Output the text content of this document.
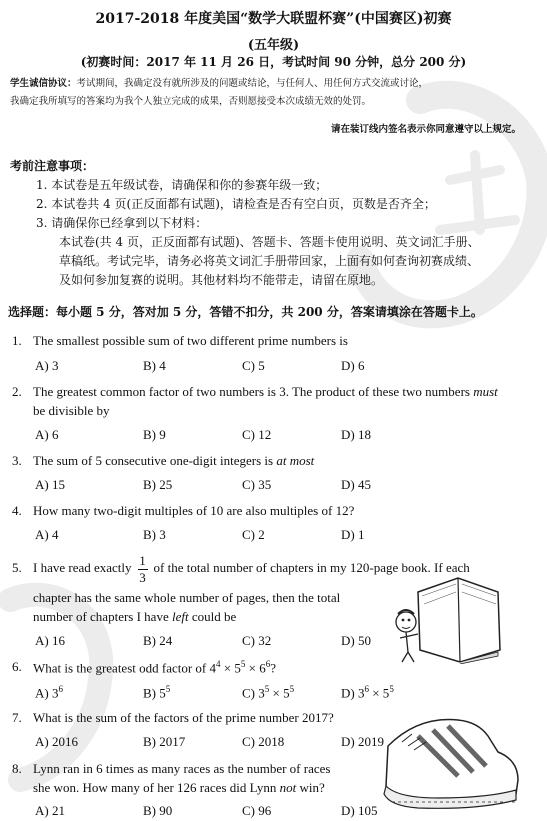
2017-2018 年度美国“数学大联盟杯赛”(中国赛区)初赛
(五年级)
(初赛时间：2017 年 11 月 26 日，考试时间 90 分钟，总分 200 分)
学生诚信协议：考试期间，我确定没有就所涉及的问题或结论，与任何人、用任何方式交流或讨论，
我确定我所填写的答案均为我个人独立完成的成果，否则愿接受本次成绩无效的处罚。
请在装订线内签名表示你同意遵守以上规定。
考前注意事项：
1. 本试卷是五年级试卷，请确保和你的参赛年级一致；
2. 本试卷共 4 页(正反面都有试题)，请检查是否有空白页，页数是否齐全；
3. 请确保你已经拿到以下材料：
本试卷(共 4 页，正反面都有试题)、答题卡、答题卡使用说明、英文词汇手册、
草稿纸。考试完毕，请务必将英文词汇手册带回家，上面有如何查询初赛成绩、
及如何参加复赛的说明。其他材料均不能带走，请留在原地。
选择题：每小题 5 分，答对加 5 分，答错不扣分，共 200 分，答案请填涂在答题卡上。
1. The smallest possible sum of two different prime numbers is
A) 3	B) 4	C) 5	D) 6
2. The greatest common factor of two numbers is 3. The product of these two numbers must
be divisible by
A) 6	B) 9	C) 12	D) 18
3. The sum of 5 consecutive one-digit integers is at most
A) 15	B) 25	C) 35	D) 45
4. How many two-digit multiples of 10 are also multiples of 12?
A) 4	B) 3	C) 2	D) 1
5. I have read exactly $\frac{1}{3}$ of the total number of chapters in my 120-page book. If each
chapter has the same whole number of pages, then the total
number of chapters I have left could be
A) 16	B) 24	C) 32	D) 50
6. What is the greatest odd factor of $4^4 \times 5^5 \times 6^6$?
A) $3^6$	B) $5^5$	C) $3^5 \times 5^5$	D) $3^6 \times 5^5$
7. What is the sum of the factors of the prime number 2017?
A) 2016	B) 2017	C) 2018	D) 2019
8. Lynn ran in 6 times as many races as the number of races
she won. How many of her 126 races did Lynn not win?
A) 21	B) 90	C) 96	D) 105
